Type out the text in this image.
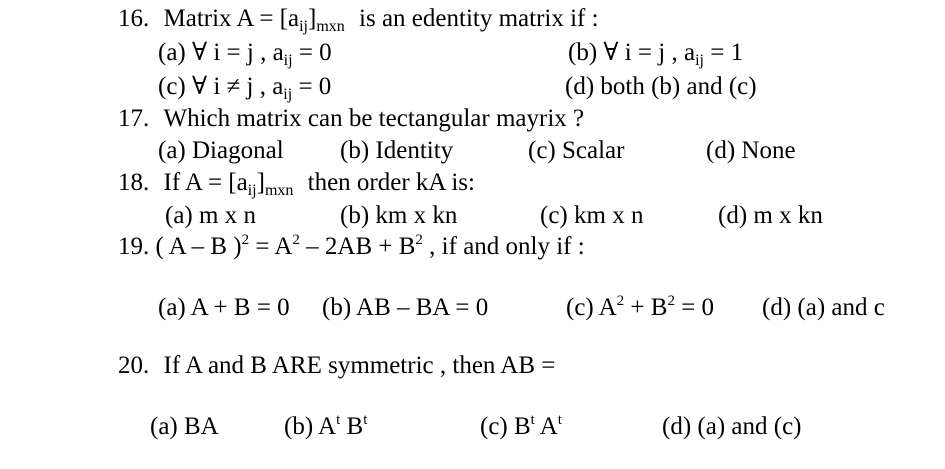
16. Matrix $A = [a_{ij}]_{mxn}$ is an edentity matrix if :
(a) ∀ i = j , $a_{ij} = 0$	(b) ∀ i = j , $a_{ij} = 1$
(c) ∀ i ≠ j , $a_{ij} = 0$	(d) both (b) and (c)
17. Which matrix can be tectangular mayrix ?
(a) Diagonal (b) Identity	(c) Scalar	(d) None
18. If $A = [a_{ij}]_{mxn}$ then order kA is:
(a) m x n	(b) km x kn	(c) km x n	(d) m x kn
19. ( A – B )$^2 = A^2 - 2AB + B^2$ , if and only if :
(a) A + B = 0 (b) AB – BA = 0	(c) $A^2 + B^2 = 0$ (d) (a) and c
20. If A and B ARE symmetric , then AB =
(a) BA	(b) $A^t$ $B^t$	(c) $B^t$ $A^t$	(d) (a) and (c)
